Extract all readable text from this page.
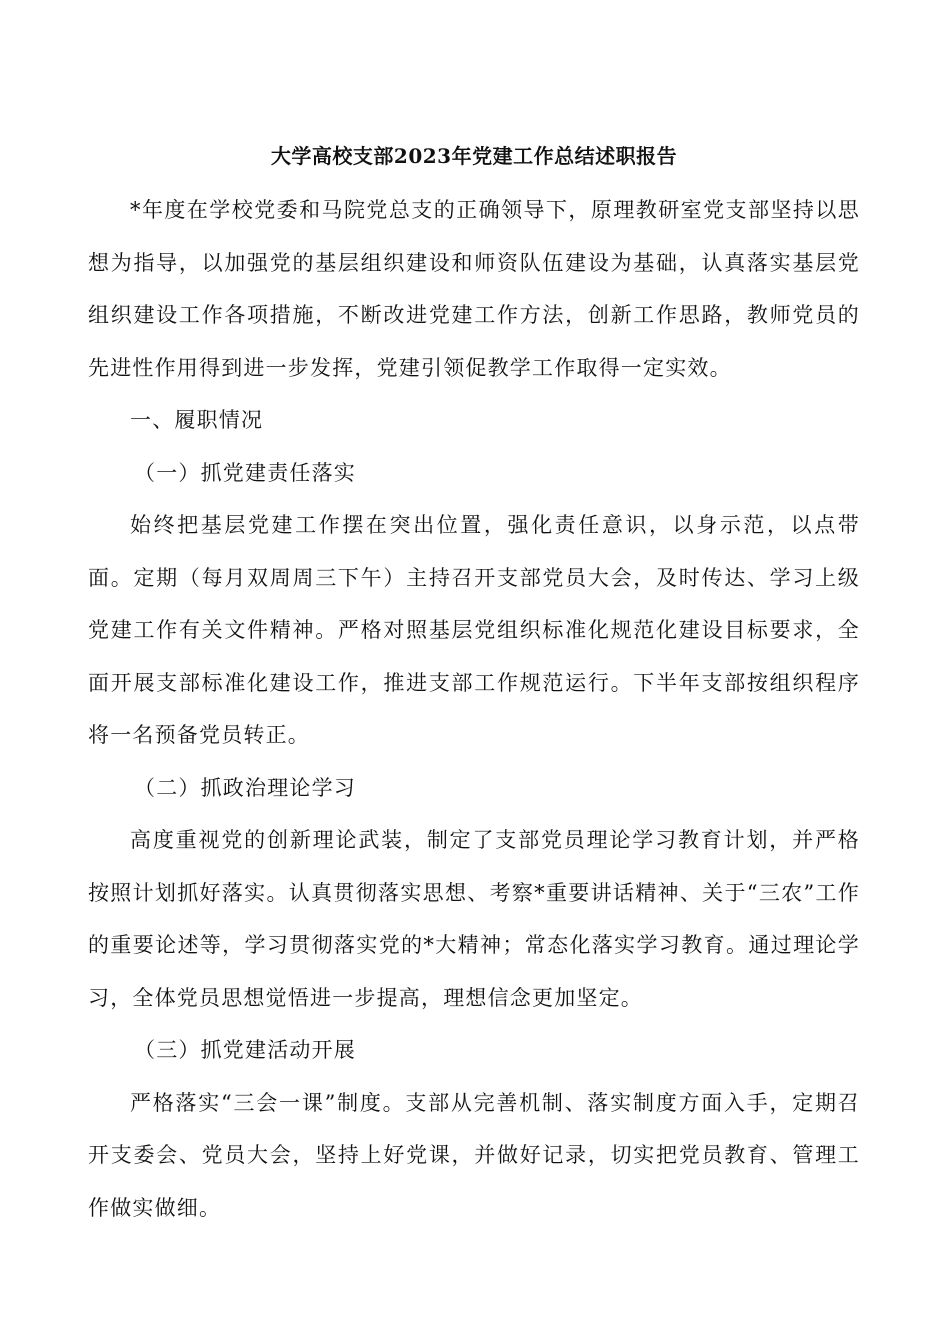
大学高校支部2023年党建工作总结述职报告

*年度在学校党委和马院党总支的正确领导下，原理教研室党支部坚持以思想为指导，以加强党的基层组织建设和师资队伍建设为基础，认真落实基层党组织建设工作各项措施，不断改进党建工作方法，创新工作思路，教师党员的先进性作用得到进一步发挥，党建引领促教学工作取得一定实效。

一、履职情况

（一）抓党建责任落实

始终把基层党建工作摆在突出位置，强化责任意识，以身示范，以点带面。定期（每月双周周三下午）主持召开支部党员大会，及时传达、学习上级党建工作有关文件精神。严格对照基层党组织标准化规范化建设目标要求，全面开展支部标准化建设工作，推进支部工作规范运行。下半年支部按组织程序将一名预备党员转正。

（二）抓政治理论学习

高度重视党的创新理论武装，制定了支部党员理论学习教育计划，并严格按照计划抓好落实。认真贯彻落实思想、考察*重要讲话精神、关于“三农”工作的重要论述等，学习贯彻落实党的*大精神；常态化落实学习教育。通过理论学习，全体党员思想觉悟进一步提高，理想信念更加坚定。

（三）抓党建活动开展

严格落实“三会一课”制度。支部从完善机制、落实制度方面入手，定期召开支委会、党员大会，坚持上好党课，并做好记录，切实把党员教育、管理工作做实做细。
